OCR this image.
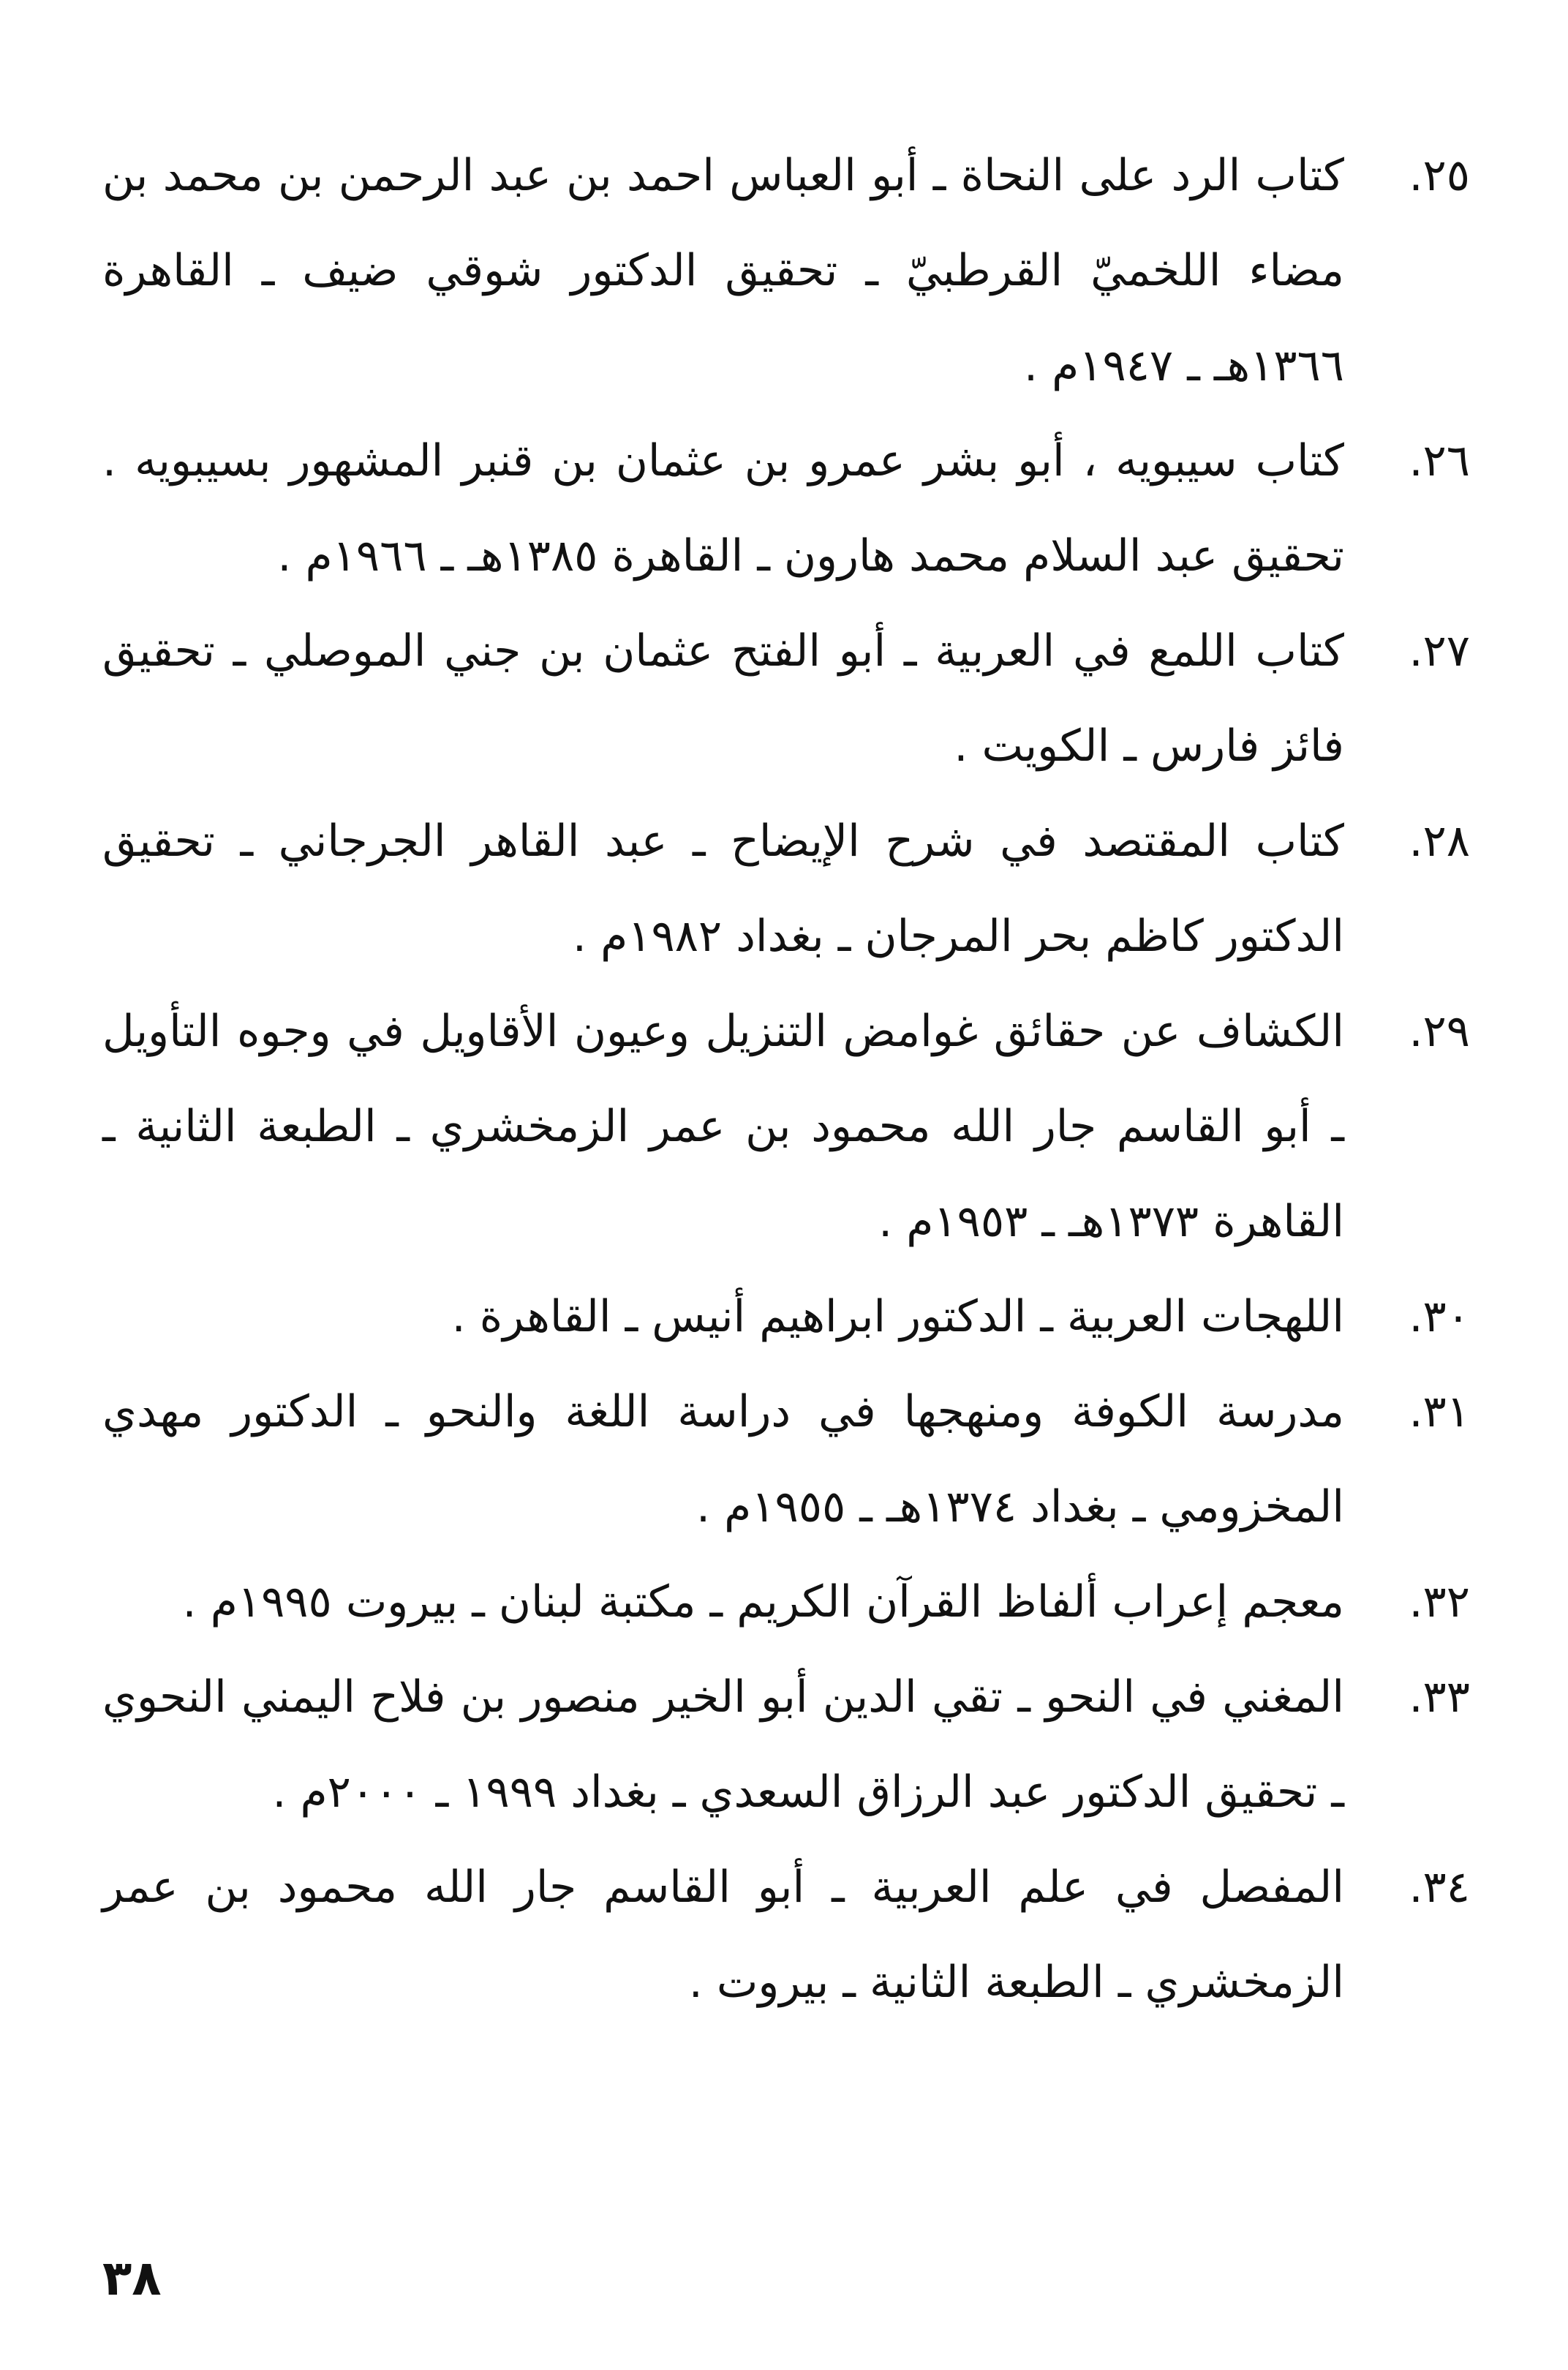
٢٥.
كتاب الرد على النحاة ـ أبو العباس احمد بن عبد الرحمن بن محمد بن مضاء اللخميّ القرطبيّ ـ تحقيق الدكتور شوقي ضيف ـ القاهرة ١٣٦٦هـ ـ ١٩٤٧م .
٢٦.
كتاب سيبويه ، أبو بشر عمرو بن عثمان بن قنبر المشهور بسيبويه . تحقيق عبد السلام محمد هارون ـ القاهرة ١٣٨٥هـ ـ ١٩٦٦م .
٢٧.
كتاب اللمع في العربية ـ أبو الفتح عثمان بن جني الموصلي ـ تحقيق فائز فارس ـ الكويت .
٢٨.
كتاب المقتصد في شرح الإيضاح ـ عبد القاهر الجرجاني ـ تحقيق الدكتور كاظم بحر المرجان ـ بغداد ١٩٨٢م .
٢٩.
الكشاف عن حقائق غوامض التنزيل وعيون الأقاويل في وجوه التأويل ـ أبو القاسم جار الله محمود بن عمر الزمخشري ـ الطبعة الثانية ـ القاهرة ١٣٧٣هـ ـ ١٩٥٣م .
٣٠.
اللهجات العربية ـ الدكتور ابراهيم أنيس ـ القاهرة .
٣١.
مدرسة الكوفة ومنهجها في دراسة اللغة والنحو ـ الدكتور مهدي المخزومي ـ بغداد ١٣٧٤هـ ـ ١٩٥٥م .
٣٢.
معجم إعراب ألفاظ القرآن الكريم ـ مكتبة لبنان ـ بيروت ١٩٩٥م .
٣٣.
المغني في النحو ـ تقي الدين أبو الخير منصور بن فلاح اليمني النحوي ـ تحقيق الدكتور عبد الرزاق السعدي ـ بغداد ١٩٩٩ ـ ٢٠٠٠م .
٣٤.
المفصل في علم العربية ـ أبو القاسم جار الله محمود بن عمر الزمخشري ـ الطبعة الثانية ـ بيروت .
٣٨
